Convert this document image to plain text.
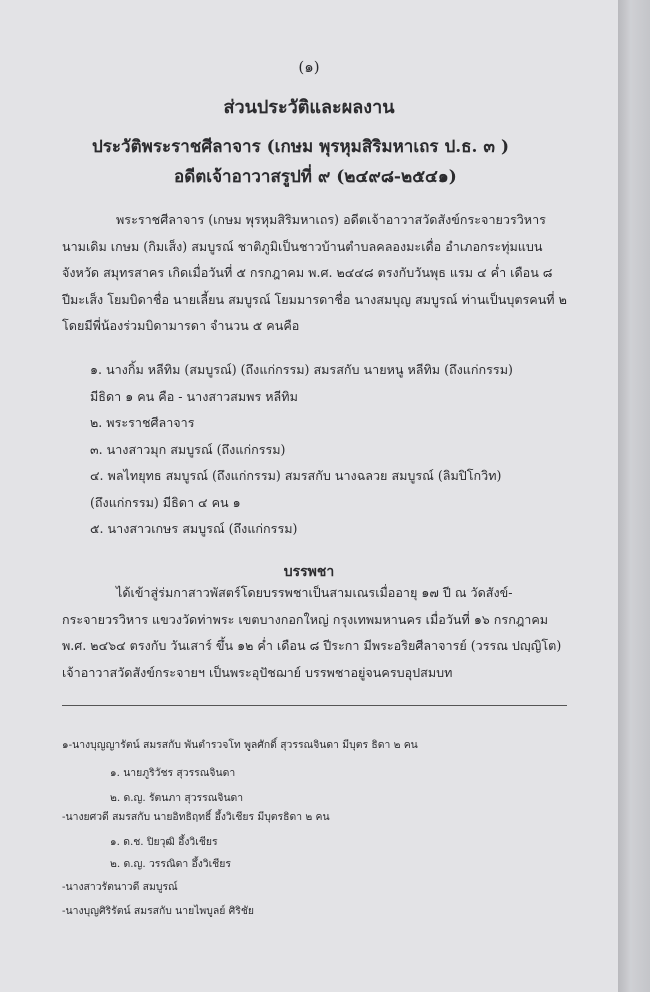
(๑)
ส่วนประวัติและผลงาน
ประวัติพระราชศีลาจาร (เกษม พุรหุมสิริมหาเถร ป.ธ. ๓ )
อดีตเจ้าอาวาสรูปที่ ๙ (๒๔๙๘-๒๕๔๑)
พระราชศีลาจาร (เกษม พุรหุมสิริมหาเถร) อดีตเจ้าอาวาสวัดสังข์กระจายวรวิหาร
นามเดิม เกษม (กิมเส็ง) สมบูรณ์ ชาติภูมิเป็นชาวบ้านตำบลคลองมะเดื่อ อำเภอกระทุ่มแบน
จังหวัด สมุทรสาคร เกิดเมื่อวันที่ ๕ กรกฎาคม พ.ศ. ๒๔๔๘ ตรงกับวันพุธ แรม ๔ ค่ำ เดือน ๘
ปีมะเส็ง โยมบิดาชื่อ นายเลี้ยน สมบูรณ์ โยมมารดาชื่อ นางสมบุญ สมบูรณ์ ท่านเป็นบุตรคนที่ ๒
โดยมีพี่น้องร่วมบิดามารดา จำนวน ๕ คนคือ
๑. นางกิ้ม หลีทิม (สมบูรณ์) (ถึงแก่กรรม) สมรสกับ นายหนู หลีทิม (ถึงแก่กรรม)
มีธิดา ๑ คน คือ - นางสาวสมพร หลีทิม
๒. พระราชศีลาจาร
๓. นางสาวมุก สมบูรณ์ (ถึงแก่กรรม)
๔. พลไทยุทธ สมบูรณ์ (ถึงแก่กรรม) สมรสกับ นางฉลวย สมบูรณ์ (ลิมปิโกวิท)
(ถึงแก่กรรม) มีธิดา ๔ คน ๑
๕. นางสาวเกษร สมบูรณ์ (ถึงแก่กรรม)
บรรพชา
ได้เข้าสู่ร่มกาสาวพัสตร์โดยบรรพชาเป็นสามเณรเมื่ออายุ ๑๗ ปี ณ วัดสังข์-
กระจายวรวิหาร แขวงวัดท่าพระ เขตบางกอกใหญ่ กรุงเทพมหานคร เมื่อวันที่ ๑๖ กรกฎาคม
พ.ศ. ๒๔๖๔ ตรงกับ วันเสาร์ ขึ้น ๑๒ ค่ำ เดือน ๘ ปีระกา มีพระอริยศีลาจารย์ (วรรณ ปญฺญิโต)
เจ้าอาวาสวัดสังข์กระจายฯ เป็นพระอุปัชฌาย์ บรรพชาอยู่จนครบอุปสมบท
๑-นางบุญญารัตน์ สมรสกับ พันตำรวจโท พูลศักดิ์ สุวรรณจินดา มีบุตร ธิดา ๒ คน
๑. นายภูริวัชร สุวรรณจินดา
๒. ด.ญ. รัตนภา สุวรรณจินดา
-นางยศวดี สมรสกับ นายอิทธิฤทธิ์ อึ้งวิเชียร มีบุตรธิดา ๒ คน
๑. ด.ช. ปิยวุฒิ อึ้งวิเชียร
๒. ด.ญ. วรรณิดา อึ้งวิเชียร
-นางสาวรัตนาวดี สมบูรณ์
-นางบุญศิริรัตน์ สมรสกับ นายไพบูลย์ ศิริชัย
